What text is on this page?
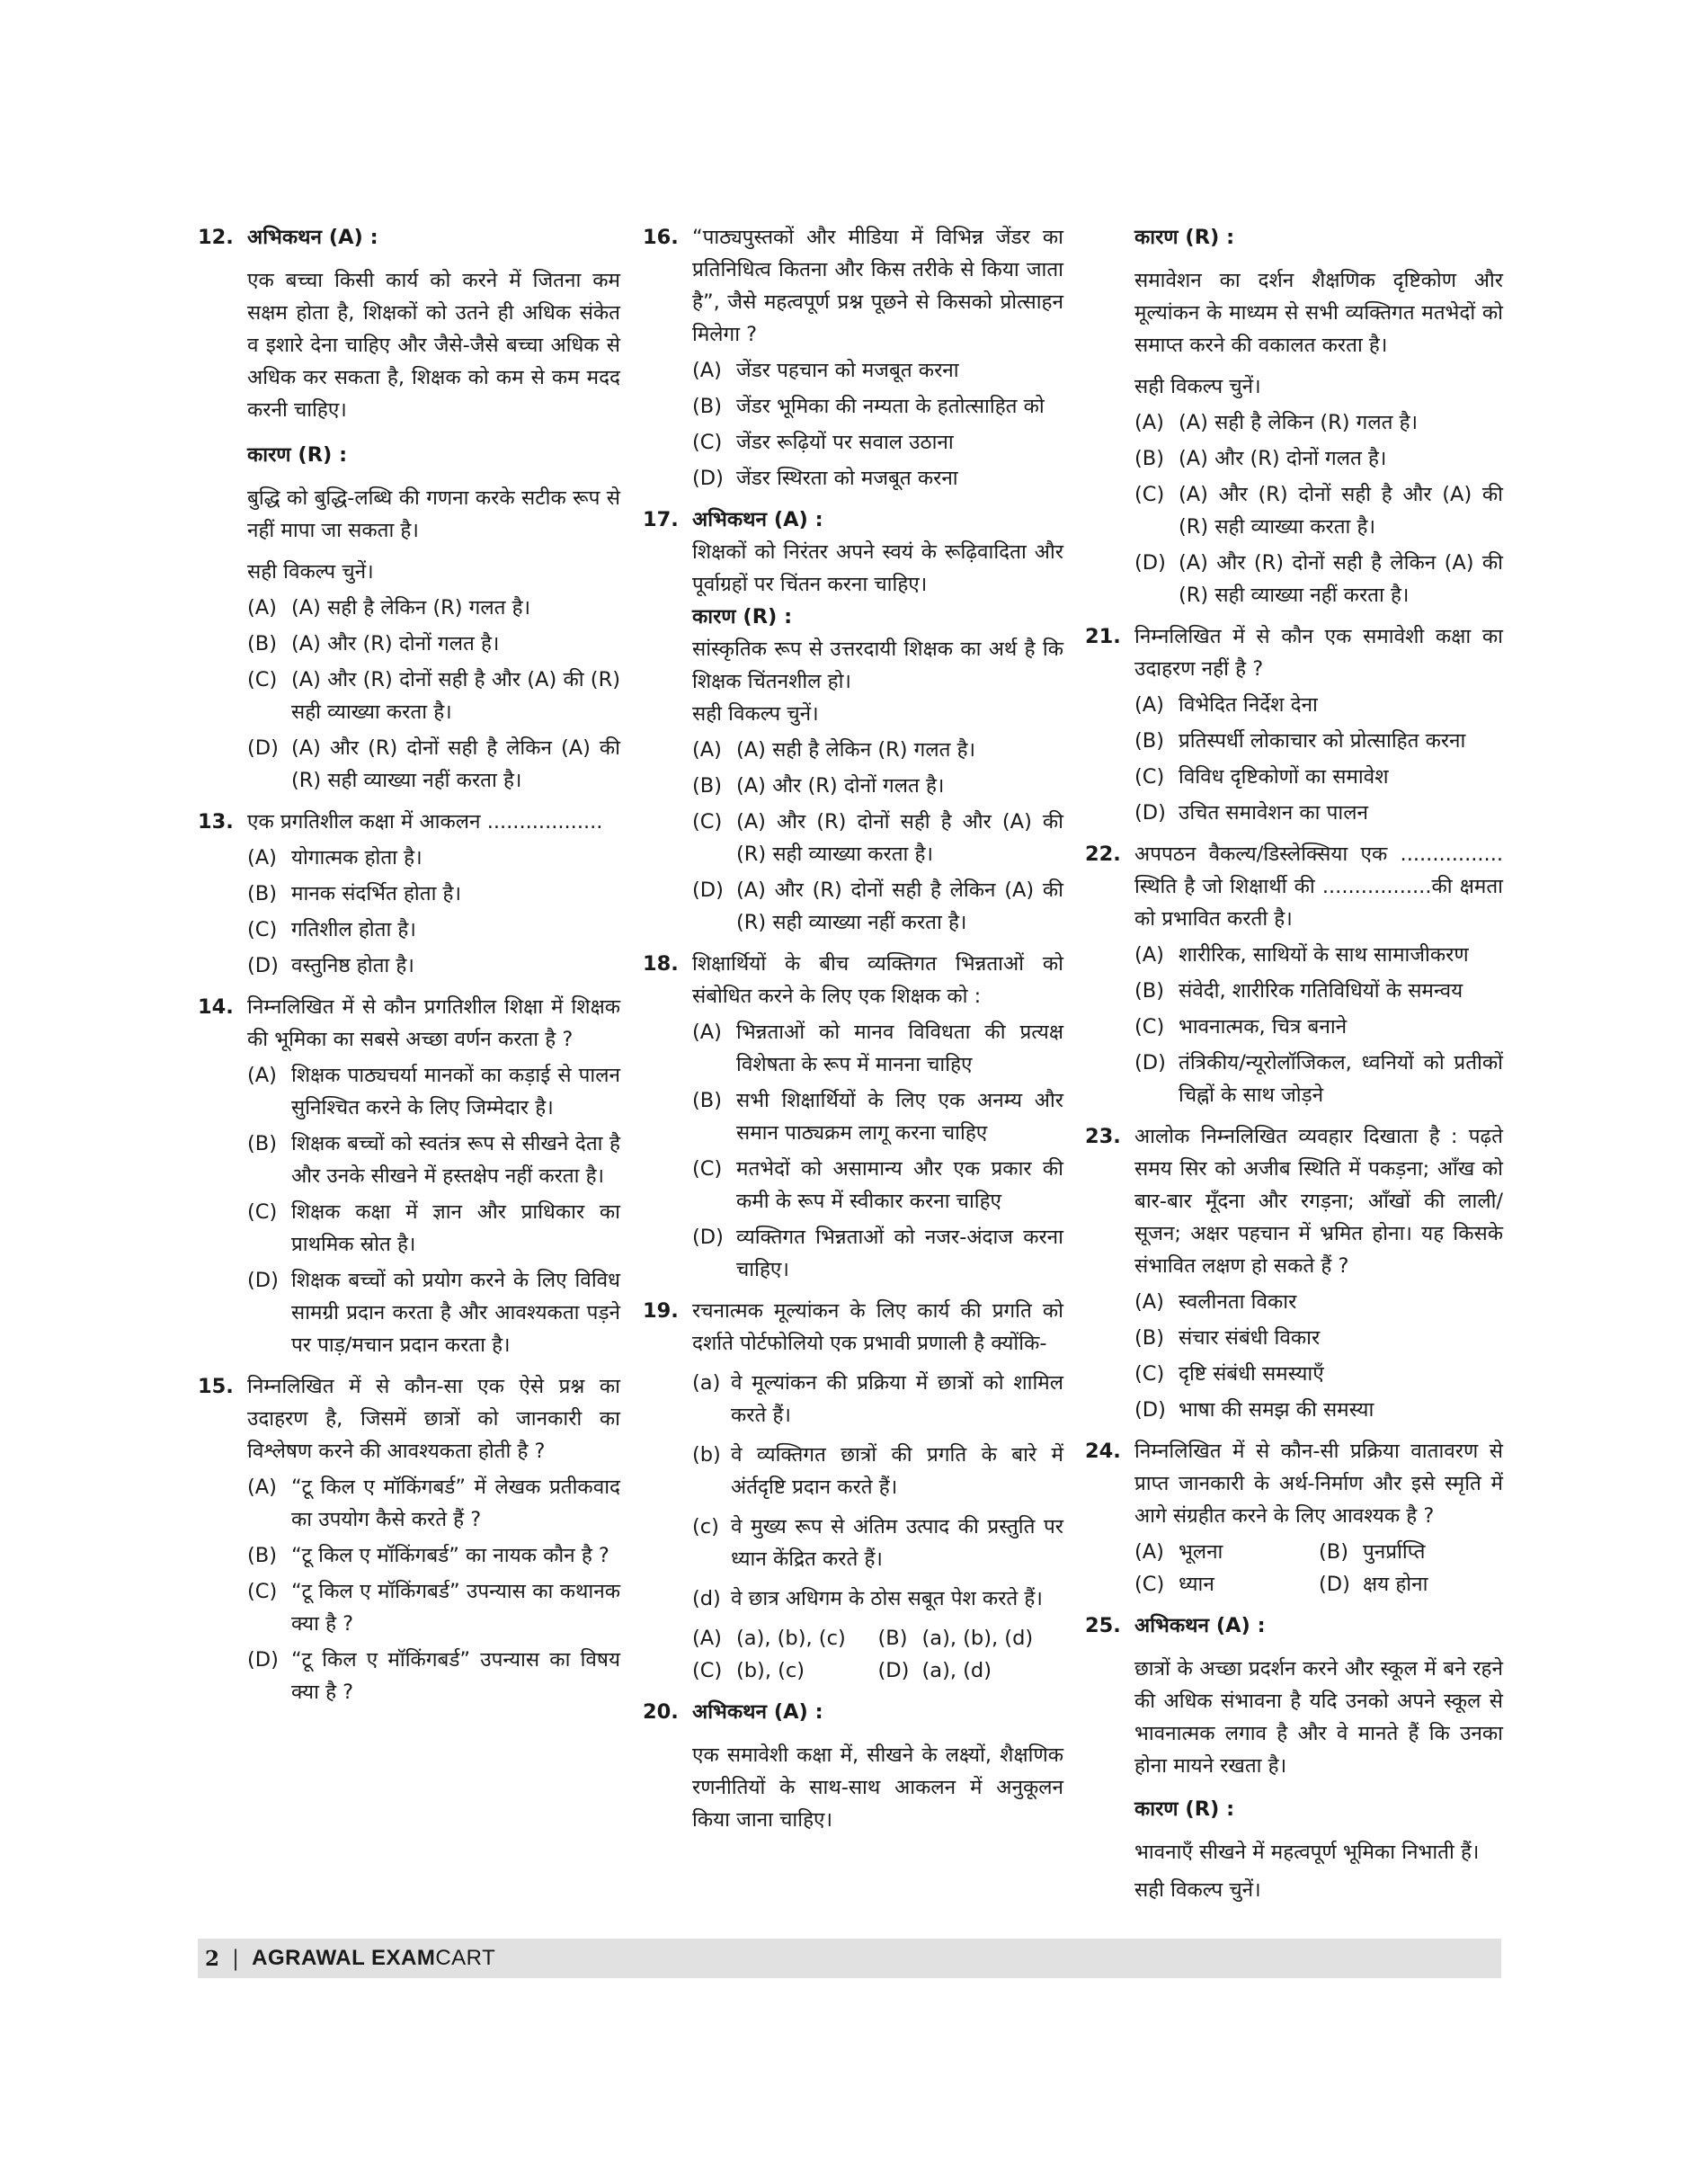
12. अभिकथन (A) :
एक बच्चा किसी कार्य को करने में जितना कम सक्षम होता है, शिक्षकों को उतने ही अधिक संकेत व इशारे देना चाहिए और जैसे-जैसे बच्चा अधिक से अधिक कर सकता है, शिक्षक को कम से कम मदद करनी चाहिए।
कारण (R) :
बुद्धि को बुद्धि-लब्धि की गणना करके सटीक रूप से नहीं मापा जा सकता है।
सही विकल्प चुनें।
(A) (A) सही है लेकिन (R) गलत है।
(B) (A) और (R) दोनों गलत है।
(C) (A) और (R) दोनों सही है और (A) की (R) सही व्याख्या करता है।
(D) (A) और (R) दोनों सही है लेकिन (A) की (R) सही व्याख्या नहीं करता है।
13. एक प्रगतिशील कक्षा में आकलन ..................
(A) योगात्मक होता है।
(B) मानक संदर्भित होता है।
(C) गतिशील होता है।
(D) वस्तुनिष्ठ होता है।
14. निम्नलिखित में से कौन प्रगतिशील शिक्षा में शिक्षक की भूमिका का सबसे अच्छा वर्णन करता है ?
(A) शिक्षक पाठ्यचर्या मानकों का कड़ाई से पालन सुनिश्चित करने के लिए जिम्मेदार है।
(B) शिक्षक बच्चों को स्वतंत्र रूप से सीखने देता है और उनके सीखने में हस्तक्षेप नहीं करता है।
(C) शिक्षक कक्षा में ज्ञान और प्राधिकार का प्राथमिक स्रोत है।
(D) शिक्षक बच्चों को प्रयोग करने के लिए विविध सामग्री प्रदान करता है और आवश्यकता पड़ने पर पाड़/मचान प्रदान करता है।
15. निम्नलिखित में से कौन-सा एक ऐसे प्रश्न का उदाहरण है, जिसमें छात्रों को जानकारी का विश्लेषण करने की आवश्यकता होती है ?
(A) “टू किल ए मॉकिंगबर्ड” में लेखक प्रतीकवाद का उपयोग कैसे करते हैं ?
(B) “टू किल ए मॉकिंगबर्ड” का नायक कौन है ?
(C) “टू किल ए मॉकिंगबर्ड” उपन्यास का कथानक क्या है ?
(D) “टू किल ए मॉकिंगबर्ड” उपन्यास का विषय क्या है ?
16. “पाठ्यपुस्तकों और मीडिया में विभिन्न जेंडर का प्रतिनिधित्व कितना और किस तरीके से किया जाता है”, जैसे महत्वपूर्ण प्रश्न पूछने से किसको प्रोत्साहन मिलेगा ?
(A) जेंडर पहचान को मजबूत करना
(B) जेंडर भूमिका की नम्यता के हतोत्साहित को
(C) जेंडर रूढ़ियों पर सवाल उठाना
(D) जेंडर स्थिरता को मजबूत करना
17. अभिकथन (A) :
शिक्षकों को निरंतर अपने स्वयं के रूढ़िवादिता और पूर्वाग्रहों पर चिंतन करना चाहिए।
कारण (R) :
सांस्कृतिक रूप से उत्तरदायी शिक्षक का अर्थ है कि शिक्षक चिंतनशील हो।
सही विकल्प चुनें।
(A) (A) सही है लेकिन (R) गलत है।
(B) (A) और (R) दोनों गलत है।
(C) (A) और (R) दोनों सही है और (A) की (R) सही व्याख्या करता है।
(D) (A) और (R) दोनों सही है लेकिन (A) की (R) सही व्याख्या नहीं करता है।
18. शिक्षार्थियों के बीच व्यक्तिगत भिन्नताओं को संबोधित करने के लिए एक शिक्षक को :
(A) भिन्नताओं को मानव विविधता की प्रत्यक्ष विशेषता के रूप में मानना चाहिए
(B) सभी शिक्षार्थियों के लिए एक अनम्य और समान पाठ्यक्रम लागू करना चाहिए
(C) मतभेदों को असामान्य और एक प्रकार की कमी के रूप में स्वीकार करना चाहिए
(D) व्यक्तिगत भिन्नताओं को नजर-अंदाज करना चाहिए।
19. रचनात्मक मूल्यांकन के लिए कार्य की प्रगति को दर्शाते पोर्टफोलियो एक प्रभावी प्रणाली है क्योंकि-
(a) वे मूल्यांकन की प्रक्रिया में छात्रों को शामिल करते हैं।
(b) वे व्यक्तिगत छात्रों की प्रगति के बारे में अंर्तदृष्टि प्रदान करते हैं।
(c) वे मुख्य रूप से अंतिम उत्पाद की प्रस्तुति पर ध्यान केंद्रित करते हैं।
(d) वे छात्र अधिगम के ठोस सबूत पेश करते हैं।
(A) (a), (b), (c)	(B) (a), (b), (d)
(C) (b), (c)	(D) (a), (d)
20. अभिकथन (A) :
एक समावेशी कक्षा में, सीखने के लक्ष्यों, शैक्षणिक रणनीतियों के साथ-साथ आकलन में अनुकूलन किया जाना चाहिए।
कारण (R) :
समावेशन का दर्शन शैक्षणिक दृष्टिकोण और मूल्यांकन के माध्यम से सभी व्यक्तिगत मतभेदों को समाप्त करने की वकालत करता है।
सही विकल्प चुनें।
(A) (A) सही है लेकिन (R) गलत है।
(B) (A) और (R) दोनों गलत है।
(C) (A) और (R) दोनों सही है और (A) की (R) सही व्याख्या करता है।
(D) (A) और (R) दोनों सही है लेकिन (A) की (R) सही व्याख्या नहीं करता है।
21. निम्नलिखित में से कौन एक समावेशी कक्षा का उदाहरण नहीं है ?
(A) विभेदित निर्देश देना
(B) प्रतिस्पर्धी लोकाचार को प्रोत्साहित करना
(C) विविध दृष्टिकोणों का समावेश
(D) उचित समावेशन का पालन
22. अपपठन वैकल्य/डिस्लेक्सिया एक ................ स्थिति है जो शिक्षार्थी की .................की क्षमता को प्रभावित करती है।
(A) शारीरिक, साथियों के साथ सामाजीकरण
(B) संवेदी, शारीरिक गतिविधियों के समन्वय
(C) भावनात्मक, चित्र बनाने
(D) तंत्रिकीय/न्यूरोलॉजिकल, ध्वनियों को प्रतीकों चिह्नों के साथ जोड़ने
23. आलोक निम्नलिखित व्यवहार दिखाता है : पढ़ते समय सिर को अजीब स्थिति में पकड़ना; आँख को बार-बार मूँदना और रगड़ना; आँखों की लाली/सूजन; अक्षर पहचान में भ्रमित होना। यह किसके संभावित लक्षण हो सकते हैं ?
(A) स्वलीनता विकार
(B) संचार संबंधी विकार
(C) दृष्टि संबंधी समस्याएँ
(D) भाषा की समझ की समस्या
24. निम्नलिखित में से कौन-सी प्रक्रिया वातावरण से प्राप्त जानकारी के अर्थ-निर्माण और इसे स्मृति में आगे संग्रहीत करने के लिए आवश्यक है ?
(A) भूलना	(B) पुनर्प्राप्ति
(C) ध्यान	(D) क्षय होना
25. अभिकथन (A) :
छात्रों के अच्छा प्रदर्शन करने और स्कूल में बने रहने की अधिक संभावना है यदि उनको अपने स्कूल से भावनात्मक लगाव है और वे मानते हैं कि उनका होना मायने रखता है।
कारण (R) :
भावनाएँ सीखने में महत्वपूर्ण भूमिका निभाती हैं।
सही विकल्प चुनें।
2 | AGRAWAL EXAMCART
